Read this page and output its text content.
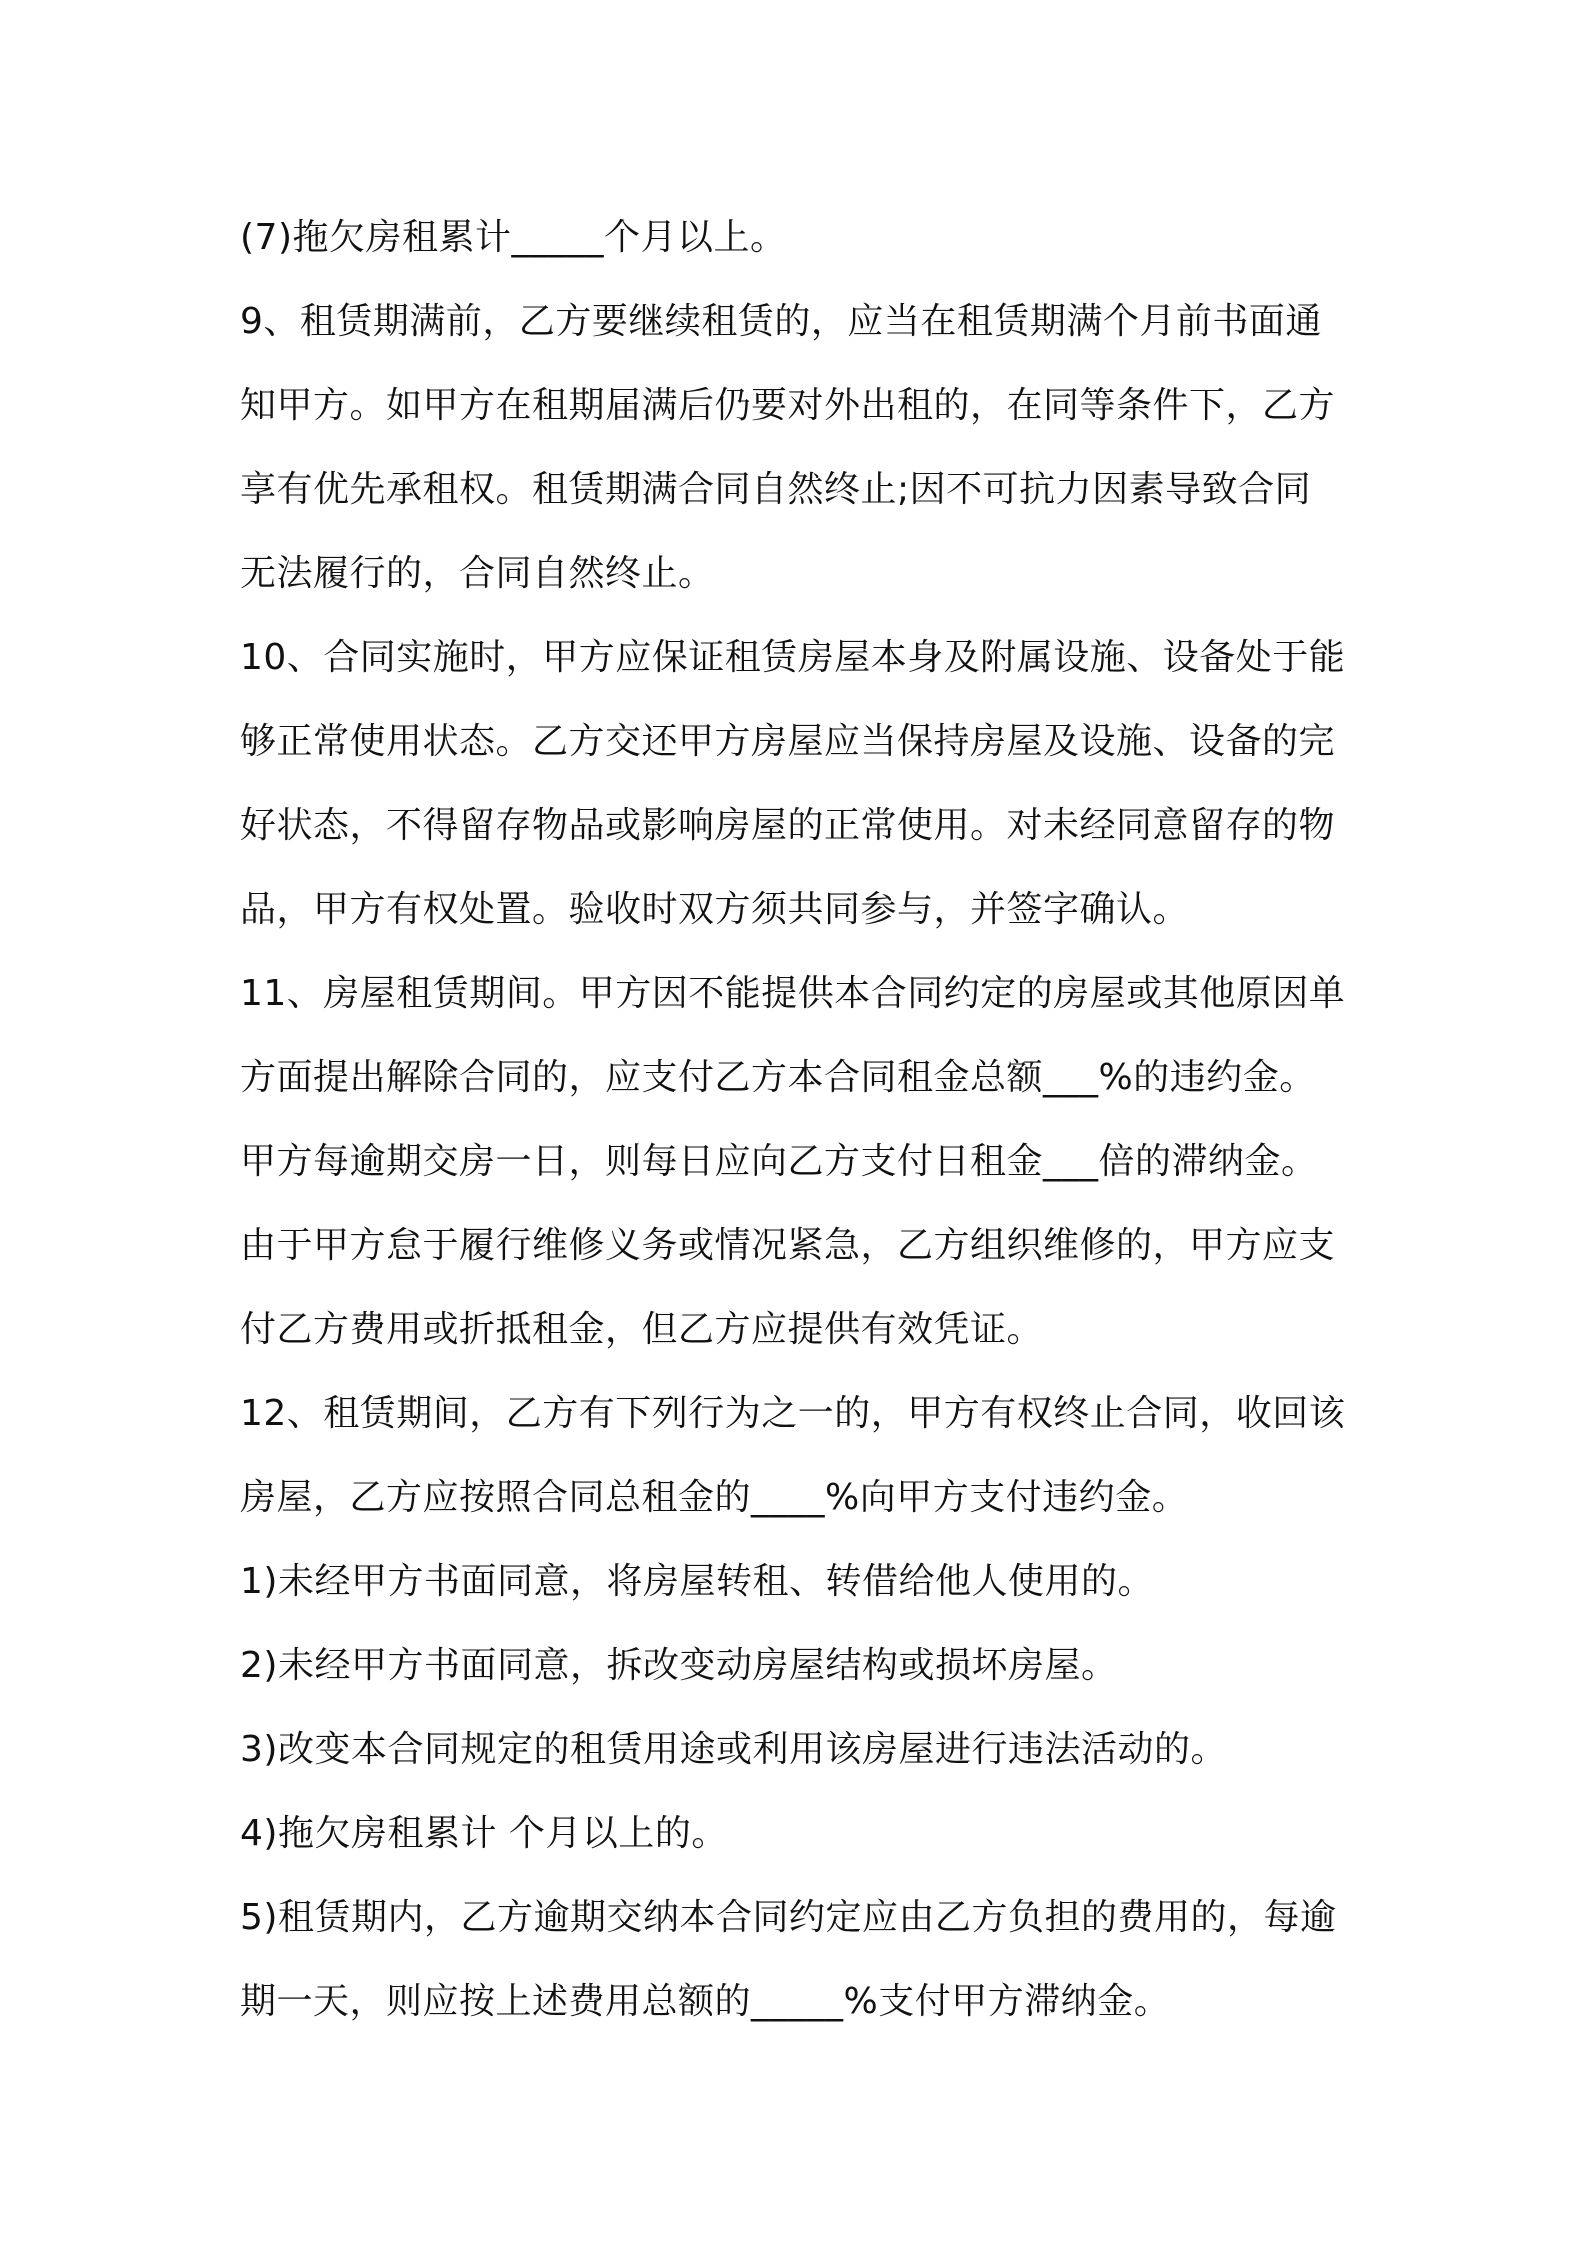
(7)拖欠房租累计_____个月以上。
9、租赁期满前，乙方要继续租赁的，应当在租赁期满个月前书面通
知甲方。如甲方在租期届满后仍要对外出租的，在同等条件下，乙方
享有优先承租权。租赁期满合同自然终止;因不可抗力因素导致合同
无法履行的，合同自然终止。
10、合同实施时，甲方应保证租赁房屋本身及附属设施、设备处于能
够正常使用状态。乙方交还甲方房屋应当保持房屋及设施、设备的完
好状态，不得留存物品或影响房屋的正常使用。对未经同意留存的物
品，甲方有权处置。验收时双方须共同参与，并签字确认。
11、房屋租赁期间。甲方因不能提供本合同约定的房屋或其他原因单
方面提出解除合同的，应支付乙方本合同租金总额___%的违约金。
甲方每逾期交房一日，则每日应向乙方支付日租金___倍的滞纳金。
由于甲方怠于履行维修义务或情况紧急，乙方组织维修的，甲方应支
付乙方费用或折抵租金，但乙方应提供有效凭证。
12、租赁期间，乙方有下列行为之一的，甲方有权终止合同，收回该
房屋，乙方应按照合同总租金的____%向甲方支付违约金。
1)未经甲方书面同意，将房屋转租、转借给他人使用的。
2)未经甲方书面同意，拆改变动房屋结构或损坏房屋。
3)改变本合同规定的租赁用途或利用该房屋进行违法活动的。
4)拖欠房租累计 个月以上的。
5)租赁期内，乙方逾期交纳本合同约定应由乙方负担的费用的，每逾
期一天，则应按上述费用总额的_____%支付甲方滞纳金。
